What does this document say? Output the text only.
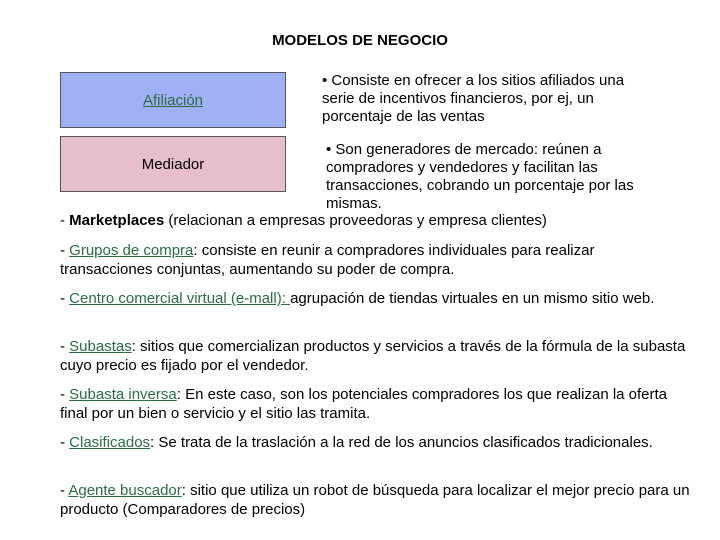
MODELOS DE NEGOCIO
Afiliación
Mediador
• Consiste en ofrecer a los sitios afiliados una serie de incentivos financieros, por ej, un porcentaje de las ventas
• Son generadores de mercado: reúnen a compradores y vendedores y facilitan las transacciones, cobrando un porcentaje por las mismas.
- Marketplaces (relacionan a empresas proveedoras y empresa clientes)
- Grupos de compra: consiste en reunir a compradores individuales para realizar transacciones conjuntas, aumentando su poder de compra.
- Centro comercial virtual (e-mall): agrupación de tiendas virtuales en un mismo sitio web.
- Subastas: sitios que comercializan productos y servicios a través de la fórmula de la subasta cuyo precio es fijado por el vendedor.
- Subasta inversa: En este caso, son los potenciales compradores los que realizan la oferta final por un bien o servicio y el sitio las tramita.
- Clasificados: Se trata de la traslación a la red de los anuncios clasificados tradicionales.
- Agente buscador: sitio que utiliza un robot de búsqueda para localizar el mejor precio para un producto (Comparadores de precios)
